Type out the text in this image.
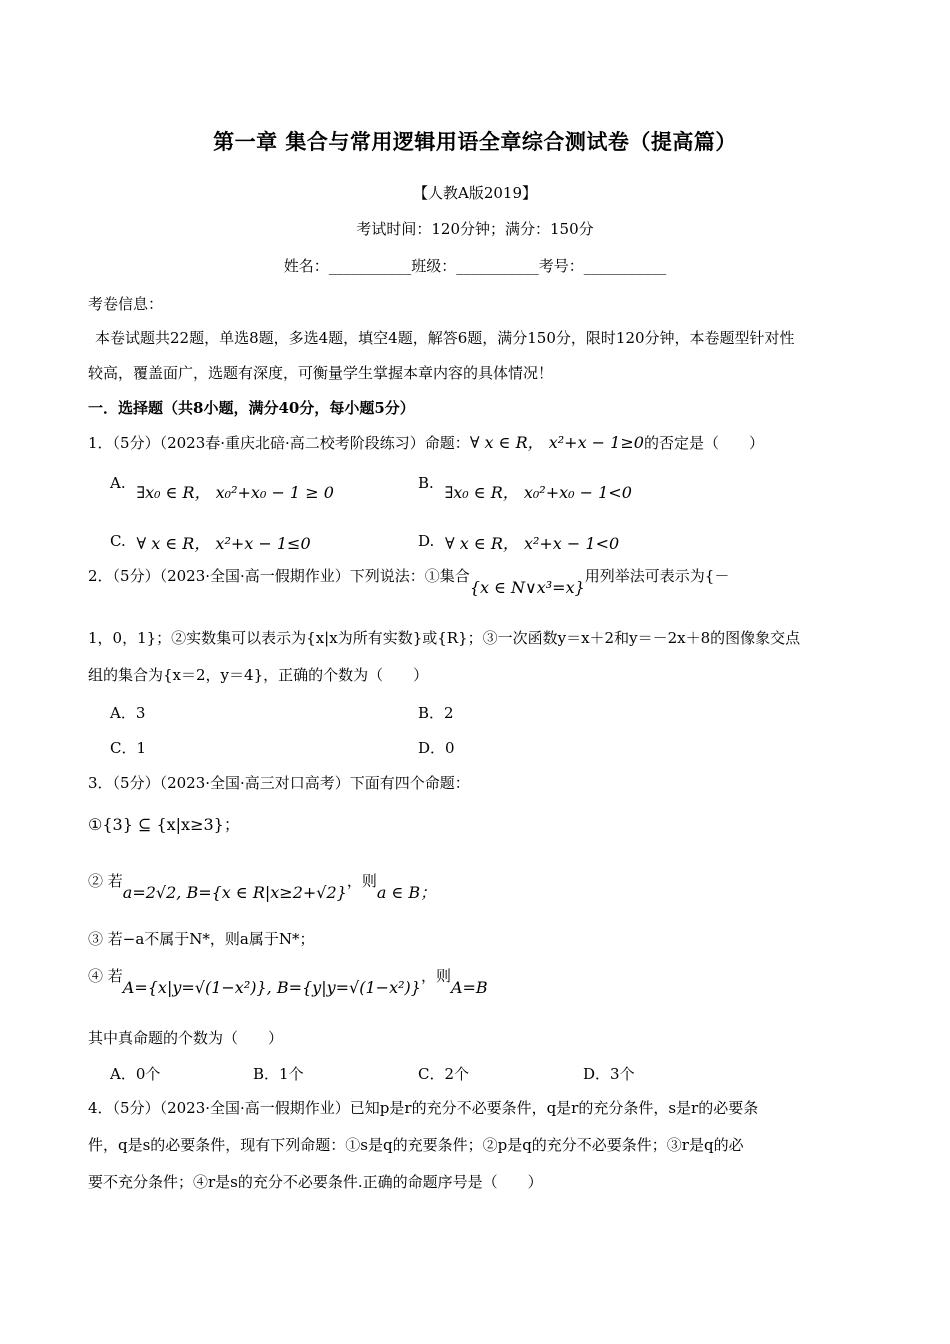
第一章 集合与常用逻辑用语全章综合测试卷（提高篇）
【人教A版2019】
考试时间：120分钟；满分：150分
姓名：___________班级：___________考号：___________
考卷信息：
本卷试题共22题，单选8题，多选4题，填空4题，解答6题，满分150分，限时120分钟，本卷题型针对性
较高，覆盖面广，选题有深度，可衡量学生掌握本章内容的具体情况！
一．选择题（共8小题，满分40分，每小题5分）
1．（5分）（2023春·重庆北碚·高二校考阶段练习）命题：∀ x ∈ R， x²+x − 1≥0的否定是（　　）
A. ∃x₀ ∈ R， x₀²+x₀ − 1 ≥ 0	B. ∃x₀ ∈ R， x₀²+x₀ − 1<0
C. ∀ x ∈ R， x²+x − 1≤0	D. ∀ x ∈ R， x²+x − 1<0
2．（5分）（2023·全国·高一假期作业）下列说法：①集合{x ∈ N∨x³=x}用列举法可表示为{－
1，0，1}；②实数集可以表示为{x|x为所有实数}或{R}；③一次函数y＝x＋2和y＝－2x＋8的图像象交点
组的集合为{x＝2，y＝4}，正确的个数为（　　）
A．3	B．2
C．1	D．0
3．（5分）（2023·全国·高三对口高考）下面有四个命题：
①{3} ⊆ {x|x≥3}；
② 若a=2√2, B={x ∈ R|x≥2+√2}，则a ∈ B；
③ 若−a不属于N*，则a属于N*；
④ 若A={x|y=√(1−x²)}, B={y|y=√(1−x²)}，则A=B
其中真命题的个数为（　　）
A．0个	B．1个	C．2个	D．3个
4．（5分）（2023·全国·高一假期作业）已知p是r的充分不必要条件，q是r的充分条件，s是r的必要条
件，q是s的必要条件，现有下列命题：①s是q的充要条件；②p是q的充分不必要条件；③r是q的必
要不充分条件；④r是s的充分不必要条件.正确的命题序号是（　　）
